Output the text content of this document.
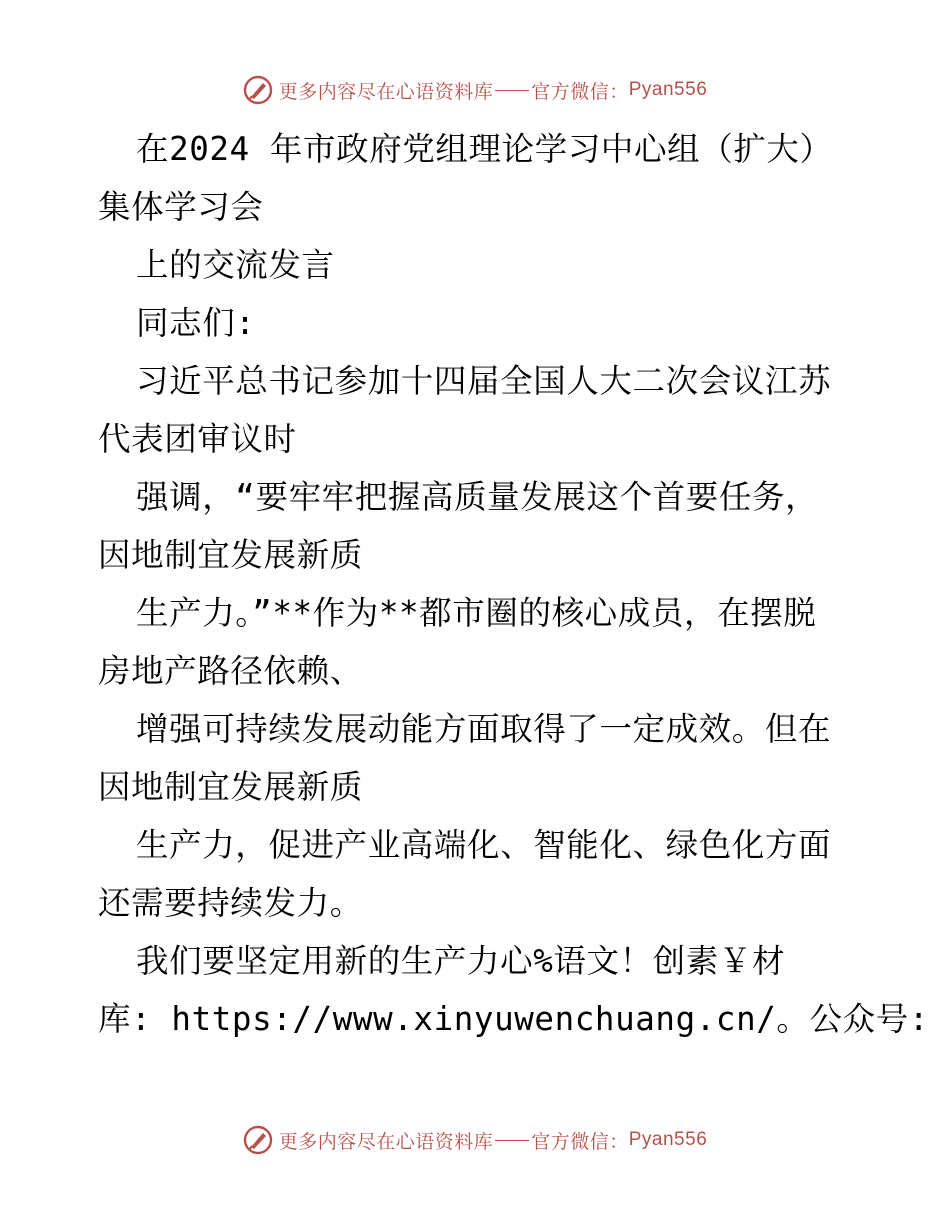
更多内容尽在心语资料库 官方微信： Pyan556
在2024 年市政府党组理论学习中心组（扩大）
集体学习会
上的交流发言
同志们:
习近平总书记参加十四届全国人大二次会议江苏
代表团审议时
强调，“要牢牢把握高质量发展这个首要任务，
因地制宜发展新质
生产力。”**作为**都市圈的核心成员，在摆脱
房地产路径依赖、
增强可持续发展动能方面取得了一定成效。但在
因地制宜发展新质
生产力，促进产业高端化、智能化、绿色化方面
还需要持续发力。
我们要坚定用新的生产力心%语文！创素￥材
库: https://www.xinyuwenchuang.cn/。公众号:
更多内容尽在心语资料库 官方微信： Pyan556
